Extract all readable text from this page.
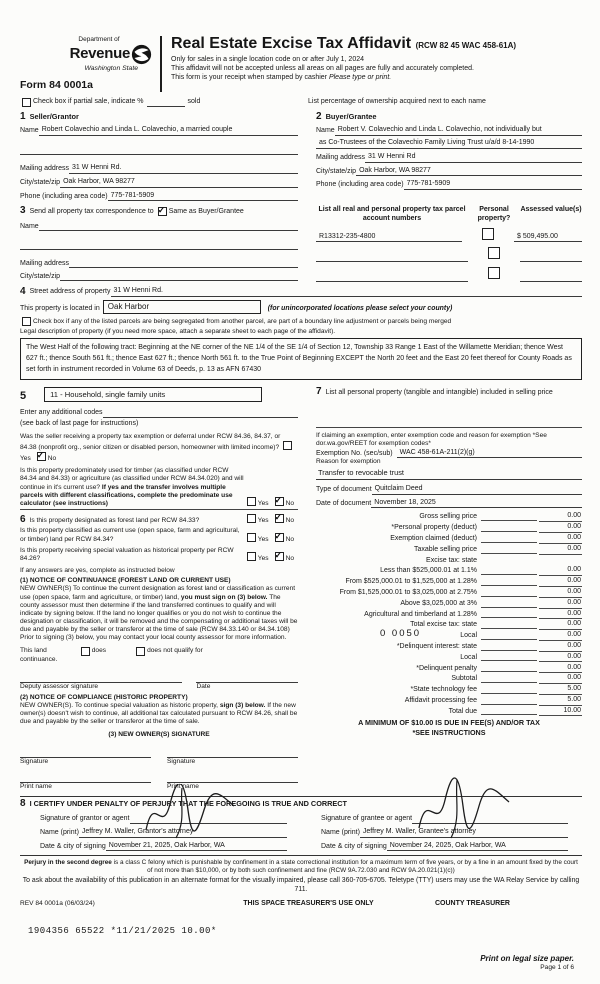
Department of
Revenue
Washington State
Form 84 0001a
Real Estate Excise Tax Affidavit (RCW 82 45 WAC 458-61A)
Only for sales in a single location code on or after July 1, 2024
This affidavit will not be accepted unless all areas on all pages are fully and accurately completed.
This form is your receipt when stamped by cashier Please type or print.
Check box if partial sale, indicate %	sold	List percentage of ownership acquired next to each name
1 Seller/Grantor
Name Robert Colavechio and Linda L. Colavechio, a married couple
Mailing address 31 W Henni Rd.
City/state/zip Oak Harbor, WA 98277
Phone (including area code) 775-781-5909
2 Buyer/Grantee
Name Robert V. Colavechio and Linda L. Colavechio, not individually but
as Co-Trustees of the Colavechio Family Living Trust u/a/d 8-14-1990
Mailing address 31 W Henni Rd
City/state/zip Oak Harbor, WA 98277
Phone (including area code) 775-781-5909
3 Send all property tax correspondence to ✓ Same as Buyer/Grantee
Name
Mailing address
City/state/zip
List all real and personal property tax parcel account numbers
Personal property?
Assessed value(s)
R13312-235-4800	$ 509,495.00
4 Street address of property 31 W Henni Rd.
This property is located in	Oak Harbor	(for unincorporated locations please select your county)
Check box if any of the listed parcels are being segregated from another parcel, are part of a boundary line adjustment or parcels being merged
Legal description of property (if you need more space, attach a separate sheet to each page of the affidavit).
The West Half of the following tract: Beginning at the NE corner of the NE 1/4 of the SE 1/4 of Section 12, Township 33 Range 1 East of the Willamette Meridian; thence West 627 ft.; thence South 561 ft.; thence East 627 ft.; thence North 561 ft. to the True Point of Beginning EXCEPT the North 20 feet and the East 20 feet thereof for County Roads as set forth in instrument recorded in Volume 63 of Deeds, p. 13 as AFN 67430
5	11 - Household, single family units
Enter any additional codes
(see back of last page for instructions)
Was the seller receiving a property tax exemption or deferral under RCW 84.36, 84.37, or 84.38 (nonprofit org., senior citizen or disabled person, homeowner with limited income)? Yes ✓	No
Is this property predominately used for timber (as classified under RCW 84.34 and 84.33) or agriculture (as classified under RCW 84.34.020) and will continue in it's current use? If yes and the transfer involves multiple parcels with different classifications, complete the predominate use calculator (see instructions)	Yes ✓	No
6 Is this property designated as forest land per RCW 84.33?	Yes ✓	No
Is this property classified as current use (open space, farm and agricultural, or timber) land per RCW 84.34?	Yes ✓	No
Is this property receiving special valuation as historical property per RCW 84.26?	Yes ✓	No
If any answers are yes, complete as instructed below
(1) NOTICE OF CONTINUANCE (FOREST LAND OR CURRENT USE)
NEW OWNER(S) To continue the current designation as forest land or classification as current use (open space, farm and agriculture, or timber) land, you must sign on (3) below. The county assessor must then determine if the land transferred continues to qualify and will indicate by signing below. If the land no longer qualifies or you do not wish to continue the designation or classification, it will be removed and the compensating or additional taxes will be due and payable by the seller or transferor at the time of sale (RCW 84.33.140 or 84.34.108) Prior to signing (3) below, you may contact your local county assessor for more information.
This land	does	does not qualify for
continuance.
Deputy assessor signature	Date
(2) NOTICE OF COMPLIANCE (HISTORIC PROPERTY)
NEW OWNER(S). To continue special valuation as historic property, sign (3) below. If the new owner(s) doesn't wish to continue, all additional tax calculated pursuant to RCW 84.26, shall be due and payable by the seller or transferor at the time of sale.
(3) NEW OWNER(S) SIGNATURE
Signature	Signature
Print name	Print name
7 List all personal property (tangible and intangible) included in selling price
If claiming an exemption, enter exemption code and reason for exemption *See dor.wa.gov/REET for exemption codes*
Exemption No. (sec/sub)	WAC 458-61A-211(2)(g)
Reason for exemption
Transfer to revocable trust
Type of document Quitclaim Deed
Date of document November 18, 2025
Gross selling price	0.00
*Personal property (deduct)	0.00
Exemption claimed (deduct)	0.00
Taxable selling price	0.00
Excise tax: state
Less than $525,000.01 at 1.1%	0.00
From $525,000.01 to $1,525,000 at 1.28%	0.00
From $1,525,000.01 to $3,025,000 at 2.75%	0.00
Above $3,025,000 at 3%	0.00
Agricultural and timberland at 1.28%	0.00
Total excise tax: state	0.00
0 0050	Local	0.00
*Delinquent interest: state	0.00
Local	0.00
*Delinquent penalty	0.00
Subtotal	0.00
*State technology fee	5.00
Affidavit processing fee	5.00
Total due	10.00
A MINIMUM OF $10.00 IS DUE IN FEE(S) AND/OR TAX
*SEE INSTRUCTIONS
8 I CERTIFY UNDER PENALTY OF PERJURY THAT THE FOREGOING IS TRUE AND CORRECT
Signature of grantor or agent
Name (print) Jeffrey M. Waller, Grantor's attorney
Date & city of signing November 21, 2025, Oak Harbor, WA
Signature of grantee or agent
Name (print) Jeffrey M. Waller, Grantee's attorney
Date & city of signing November 24, 2025, Oak Harbor, WA
Perjury in the second degree is a class C felony which is punishable by confinement in a state correctional institution for a maximum term of five years, or by a fine in an amount fixed by the court of not more than $10,000, or by both such confinement and fine (RCW 9A.72.030 and RCW 9A.20.021(1)(c))
To ask about the availability of this publication in an alternate format for the visually impaired, please call 360-705-6705. Teletype (TTY) users may use the WA Relay Service by calling 711.
REV 84 0001a (06/03/24)	THIS SPACE TREASURER'S USE ONLY	COUNTY TREASURER
1904356 65522 *11/21/2025 10.00*
Print on legal size paper.
Page 1 of 6
